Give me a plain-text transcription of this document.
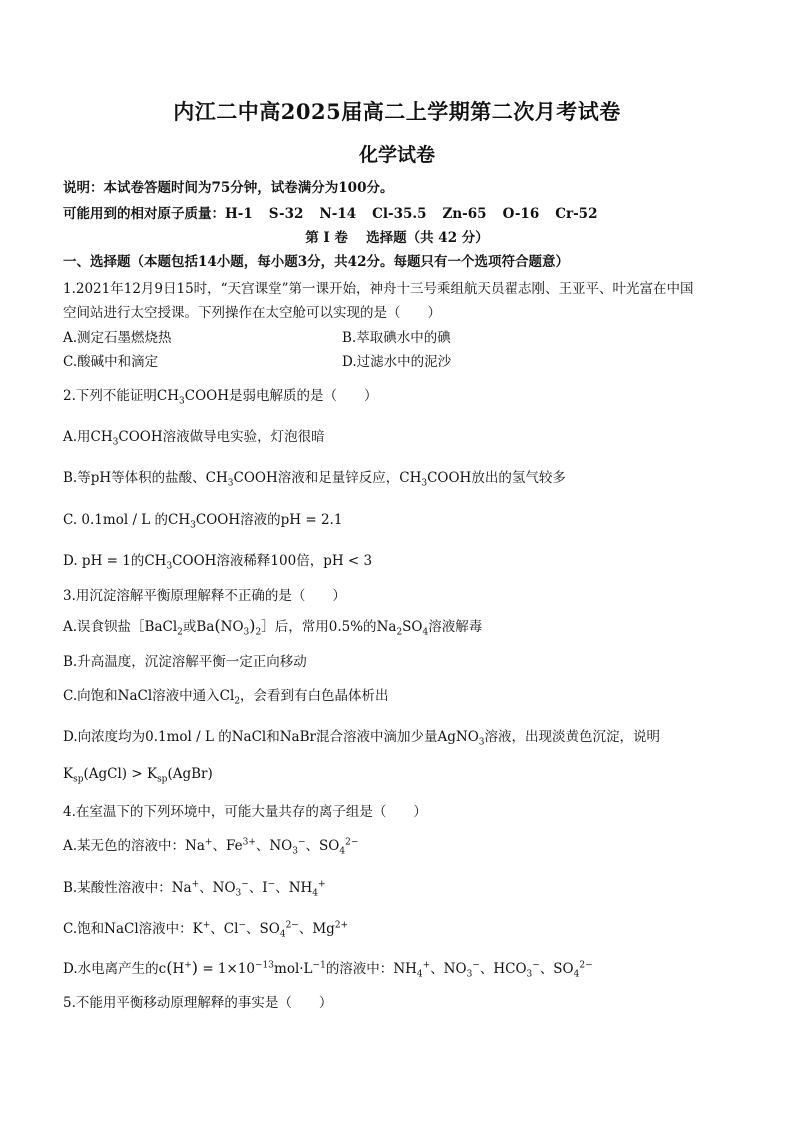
内江二中高2025届高二上学期第二次月考试卷
化学试卷
说明：本试卷答题时间为75分钟，试卷满分为100分。
可能用到的相对原子质量：H-1 S-32 N-14 Cl-35.5 Zn-65 O-16 Cr-52
第 I 卷　 选择题（共 42 分）
一、选择题（本题包括14小题，每小题3分，共42分。每题只有一个选项符合题意）
1.2021年12月9日15时，“天宫课堂”第一课开始，神舟十三号乘组航天员翟志刚、王亚平、叶光富在中国
空间站进行太空授课。下列操作在太空舱可以实现的是（　　）
A.测定石墨燃烧热	B.萃取碘水中的碘
C.酸碱中和滴定	D.过滤水中的泥沙
2.下列不能证明$CH_3COOH$是弱电解质的是（　　）
A.用$CH_3COOH$溶液做导电实验，灯泡很暗
B.等pH等体积的盐酸、$CH_3COOH$溶液和足量锌反应，$CH_3COOH$放出的氢气较多
C. 0.1mol / L 的$CH_3COOH$溶液的pH = 2.1
D. pH = 1的$CH_3COOH$溶液稀释100倍，pH < 3
3.用沉淀溶解平衡原理解释不正确的是（　　）
A.误食钡盐［BaCl$_2$或$Ba(NO_3)_2]$后，常用0.5%的$Na_2SO_4$溶液解毒
B.升高温度，沉淀溶解平衡一定正向移动
C.向饱和NaCl溶液中通入$Cl_2$，会看到有白色晶体析出
D.向浓度均为0.1mol / L 的NaCl和NaBr混合溶液中滴加少量AgNO$_3$溶液，出现淡黄色沉淀，说明
$K_{sp}(AgCl)$ > $K_{sp}(AgBr)$
4.在室温下的下列环境中，可能大量共存的离子组是（　　）
A.某无色的溶液中：Na+、$Fe^{3+}$、$NO_3^-$、$SO_4^{2-}$
B.某酸性溶液中：Na+、$NO_3^-$、I−、$NH_4^+$
C.饱和NaCl溶液中：K+、Cl−、$SO_4^{2-}$、$Mg^{2+}$
D.水电离产生的$c(H^+) = 1\times 10^{-13}mol\cdot L^{-1}$的溶液中：$NH_4^+$、$NO_3^-$、$HCO_3^-$、$SO_4^{2-}$
5.不能用平衡移动原理解释的事实是（　　）
